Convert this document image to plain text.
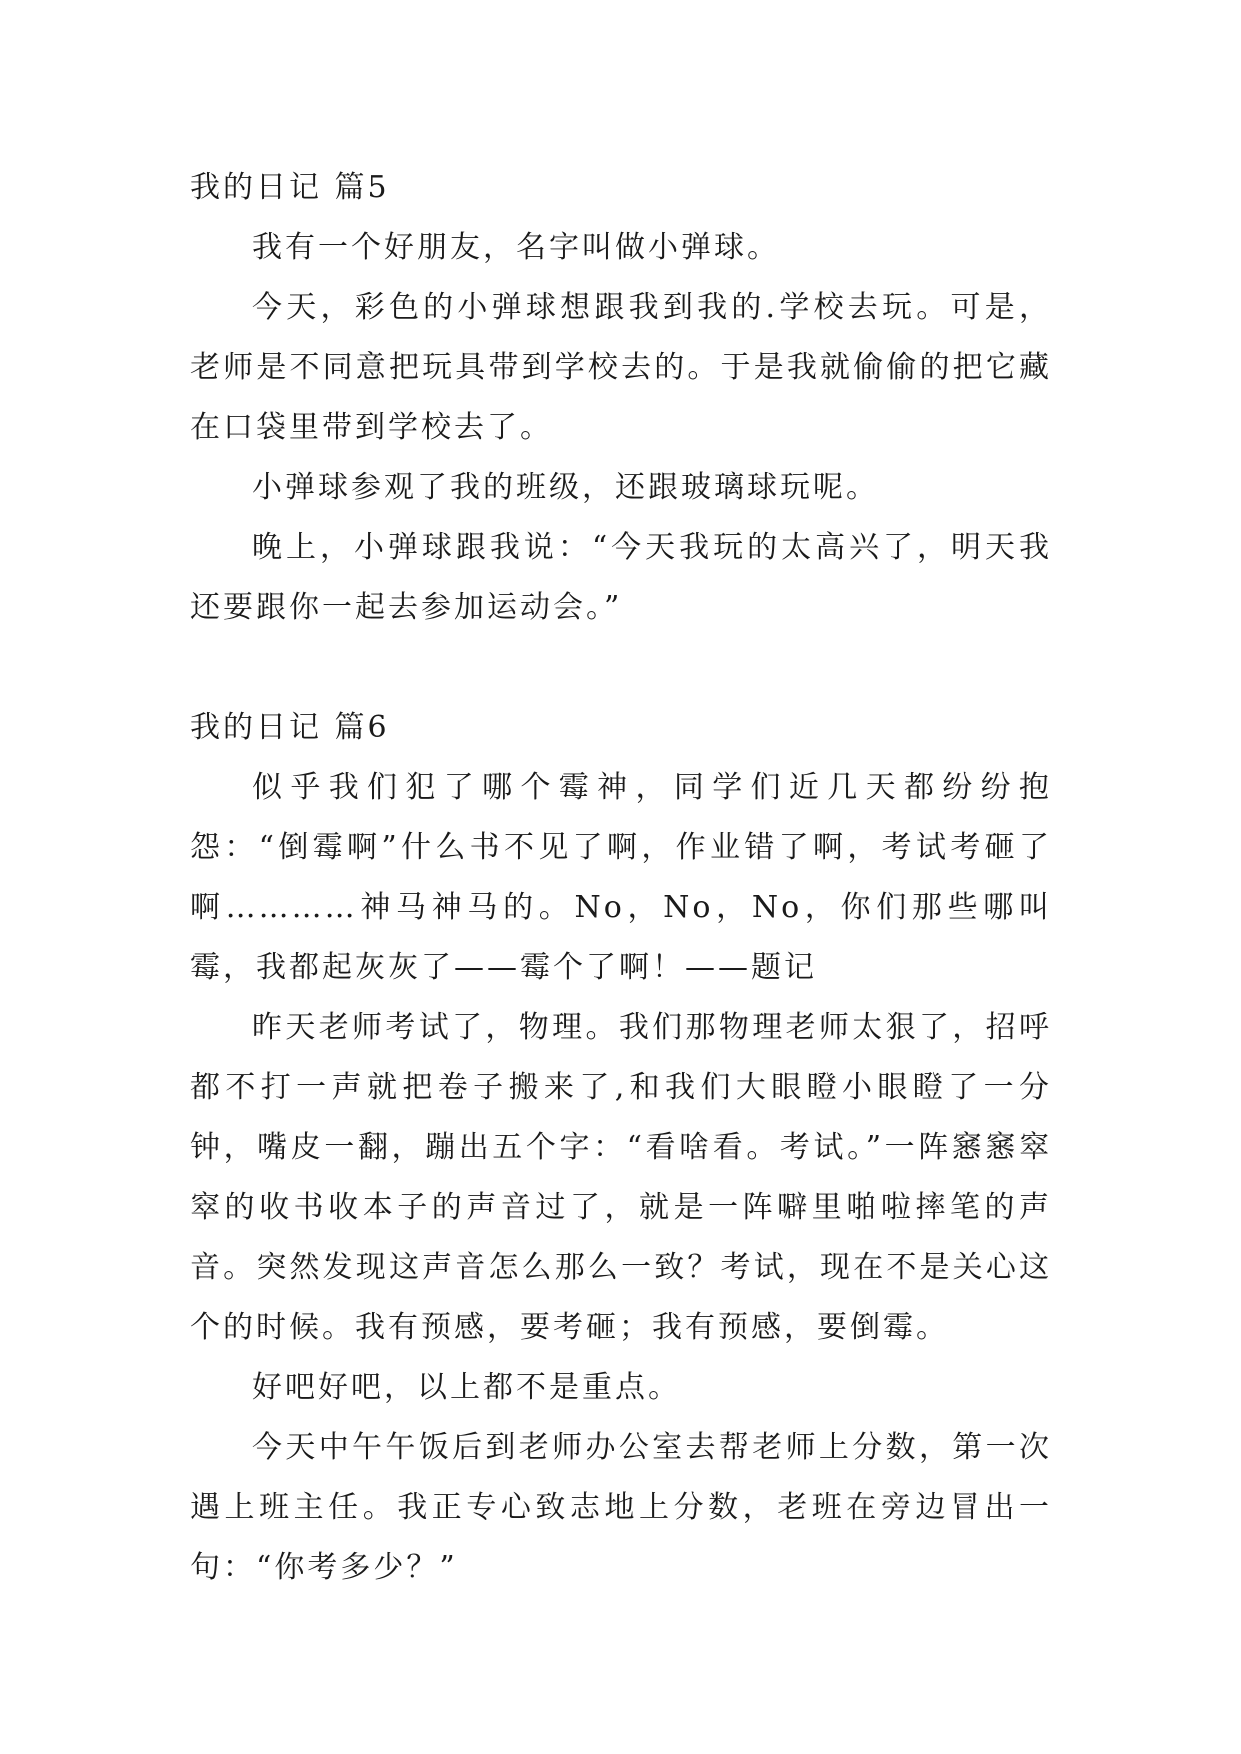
我的日记 篇5

我有一个好朋友，名字叫做小弹球。

今天，彩色的小弹球想跟我到我的.学校去玩。可是，老师是不同意把玩具带到学校去的。于是我就偷偷的把它藏在口袋里带到学校去了。

小弹球参观了我的班级，还跟玻璃球玩呢。

晚上，小弹球跟我说：“今天我玩的太高兴了，明天我还要跟你一起去参加运动会。”

我的日记 篇6

似乎我们犯了哪个霉神，同学们近几天都纷纷抱怨：“倒霉啊”什么书不见了啊，作业错了啊，考试考砸了啊…………神马神马的。No，No，No，你们那些哪叫霉，我都起灰灰了——霉个了啊！——题记

昨天老师考试了，物理。我们那物理老师太狠了，招呼都不打一声就把卷子搬来了,和我们大眼瞪小眼瞪了一分钟，嘴皮一翻，蹦出五个字：“看啥看。考试。”一阵窸窸窣窣的收书收本子的声音过了，就是一阵噼里啪啦摔笔的声音。突然发现这声音怎么那么一致？考试，现在不是关心这个的时候。我有预感，要考砸；我有预感，要倒霉。

好吧好吧，以上都不是重点。

今天中午午饭后到老师办公室去帮老师上分数，第一次遇上班主任。我正专心致志地上分数，老班在旁边冒出一句：“你考多少？”
